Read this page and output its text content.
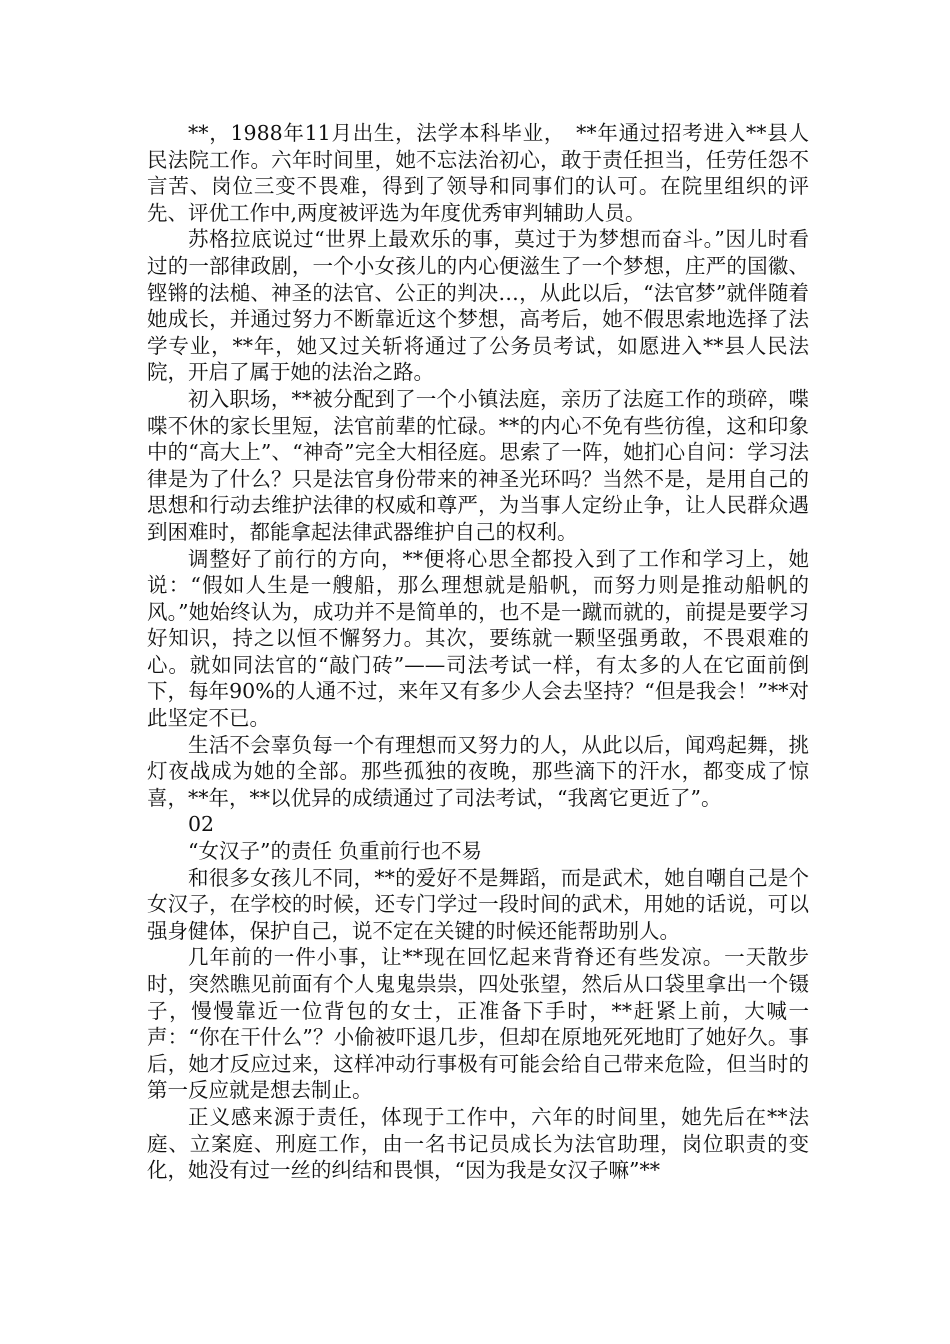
**，1988年11月出生，法学本科毕业，　**年通过招考进入**县人民法院工作。六年时间里，她不忘法治初心，敢于责任担当，任劳任怨不言苦、岗位三变不畏难，得到了领导和同事们的认可。在院里组织的评先、评优工作中,两度被评选为年度优秀审判辅助人员。

苏格拉底说过“世界上最欢乐的事，莫过于为梦想而奋斗。”因儿时看过的一部律政剧，一个小女孩儿的内心便滋生了一个梦想，庄严的国徽、铿锵的法槌、神圣的法官、公正的判决…，从此以后，“法官梦”就伴随着她成长，并通过努力不断靠近这个梦想，高考后，她不假思索地选择了法学专业，**年，她又过关斩将通过了公务员考试，如愿进入**县人民法院，开启了属于她的法治之路。

初入职场，**被分配到了一个小镇法庭，亲历了法庭工作的琐碎，喋喋不休的家长里短，法官前辈的忙碌。**的内心不免有些彷徨，这和印象中的“高大上”、“神奇”完全大相径庭。思索了一阵，她扪心自问：学习法律是为了什么？只是法官身份带来的神圣光环吗？当然不是，是用自己的思想和行动去维护法律的权威和尊严，为当事人定纷止争，让人民群众遇到困难时，都能拿起法律武器维护自己的权利。

调整好了前行的方向，**便将心思全都投入到了工作和学习上，她说：“假如人生是一艘船，那么理想就是船帆，而努力则是推动船帆的风。”她始终认为，成功并不是简单的，也不是一蹴而就的，前提是要学习好知识，持之以恒不懈努力。其次，要练就一颗坚强勇敢，不畏艰难的心。就如同法官的“敲门砖”——司法考试一样，有太多的人在它面前倒下，每年90%的人通不过，来年又有多少人会去坚持？“但是我会！”**对此坚定不已。

生活不会辜负每一个有理想而又努力的人，从此以后，闻鸡起舞，挑灯夜战成为她的全部。那些孤独的夜晚，那些滴下的汗水，都变成了惊喜，**年，**以优异的成绩通过了司法考试，“我离它更近了”。

02

“女汉子”的责任 负重前行也不易

和很多女孩儿不同，**的爱好不是舞蹈，而是武术，她自嘲自己是个女汉子，在学校的时候，还专门学过一段时间的武术，用她的话说，可以强身健体，保护自己，说不定在关键的时候还能帮助别人。

几年前的一件小事，让**现在回忆起来背脊还有些发凉。一天散步时，突然瞧见前面有个人鬼鬼祟祟，四处张望，然后从口袋里拿出一个镊子，慢慢靠近一位背包的女士，正准备下手时，**赶紧上前，大喊一声：“你在干什么”？小偷被吓退几步，但却在原地死死地盯了她好久。事后，她才反应过来，这样冲动行事极有可能会给自己带来危险，但当时的第一反应就是想去制止。

正义感来源于责任，体现于工作中，六年的时间里，她先后在**法庭、立案庭、刑庭工作，由一名书记员成长为法官助理，岗位职责的变化，她没有过一丝的纠结和畏惧，“因为我是女汉子嘛”**
